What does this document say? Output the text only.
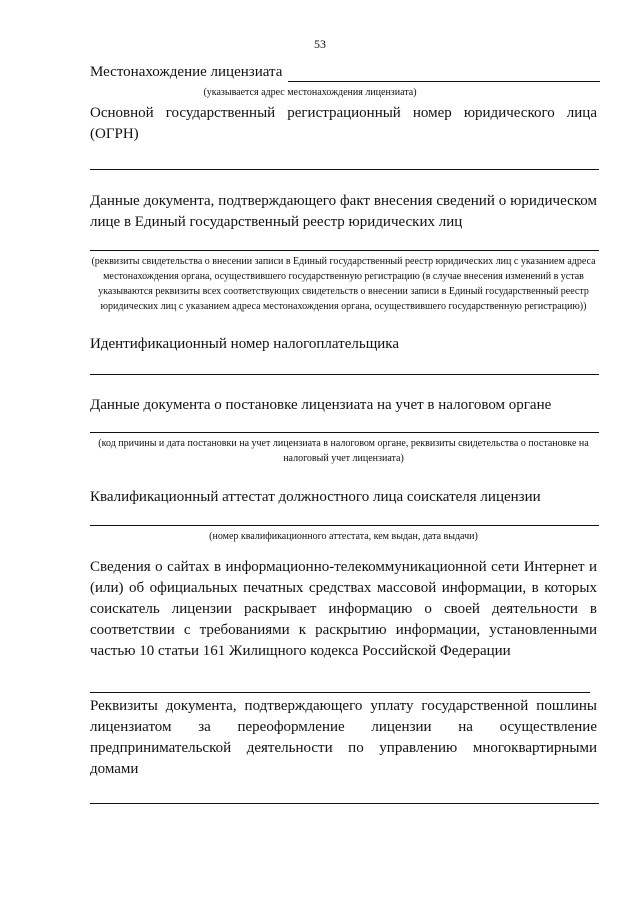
53
Местонахождение лицензиата
(указывается адрес местонахождения лицензиата)
Основной государственный регистрационный номер юридического лица (ОГРН)
Данные документа, подтверждающего факт внесения сведений о юридическом лице в Единый государственный реестр юридических лиц
(реквизиты свидетельства о внесении записи в Единый государственный реестр юридических лиц с указанием адреса местонахождения органа, осуществившего государственную регистрацию (в случае внесения изменений в устав указываются реквизиты всех соответствующих свидетельств о внесении записи в Единый государственный реестр юридических лиц с указанием адреса местонахождения органа, осуществившего государственную регистрацию))
Идентификационный номер налогоплательщика
Данные документа о постановке лицензиата на учет в налоговом органе
(код причины и дата постановки на учет лицензиата в налоговом органе, реквизиты свидетельства о постановке на налоговый учет лицензиата)
Квалификационный аттестат должностного лица соискателя лицензии
(номер квалификационного аттестата, кем выдан, дата выдачи)
Сведения о сайтах в информационно-телекоммуникационной сети Интернет и (или) об официальных печатных средствах массовой информации, в которых соискатель лицензии раскрывает информацию о своей деятельности в соответствии с требованиями к раскрытию информации, установленными частью 10 статьи 161 Жилищного кодекса Российской Федерации
Реквизиты документа, подтверждающего уплату государственной пошлины лицензиатом за переоформление лицензии на осуществление предпринимательской деятельности по управлению многоквартирными домами
